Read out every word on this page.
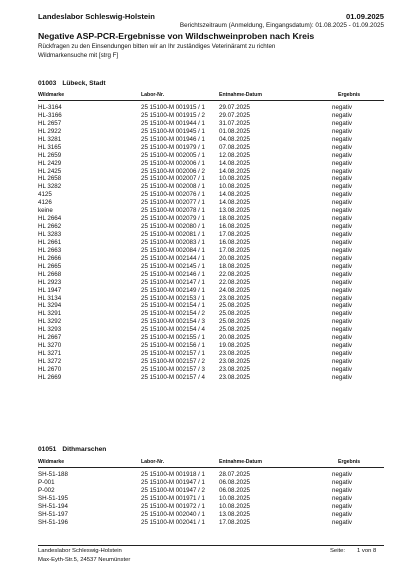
Landeslabor Schleswig-Holstein	01.09.2025
Berichtszeitraum (Anmeldung, Eingangsdatum): 01.08.2025 - 01.09.2025
Negative ASP-PCR-Ergebnisse von Wildschweinproben nach Kreis
Rückfragen zu den Einsendungen bitten wir an Ihr zuständiges Veterinäramt zu richten
Wildmarkensuche mit [strg F]
01003 Lübeck, Stadt
Wildmarke	Labor-Nr.	Entnahme-Datum	Ergebnis
HL-3164	25 15100-M 001915 / 1 29.07.2025	negativ
HL-3166	25 15100-M 001915 / 2 29.07.2025	negativ
HL 2657	25 15100-M 001944 / 1 31.07.2025	negativ
HL 2922	25 15100-M 001945 / 1 01.08.2025	negativ
HL 3281	25 15100-M 001946 / 1 04.08.2025	negativ
HL 3165	25 15100-M 001979 / 1 07.08.2025	negativ
HL 2659	25 15100-M 002005 / 1 12.08.2025	negativ
HL 2429	25 15100-M 002006 / 1 14.08.2025	negativ
HL 2425	25 15100-M 002006 / 2 14.08.2025	negativ
HL 2658	25 15100-M 002007 / 1 10.08.2025	negativ
HL 3282	25 15100-M 002008 / 1 10.08.2025	negativ
4125	25 15100-M 002076 / 1 14.08.2025	negativ
4126	25 15100-M 002077 / 1 14.08.2025	negativ
keine	25 15100-M 002078 / 1 13.08.2025	negativ
HL 2664	25 15100-M 002079 / 1 18.08.2025	negativ
HL 2662	25 15100-M 002080 / 1 16.08.2025	negativ
HL 3283	25 15100-M 002081 / 1 17.08.2025	negativ
HL 2661	25 15100-M 002083 / 1 16.08.2025	negativ
HL 2663	25 15100-M 002084 / 1 17.08.2025	negativ
HL 2666	25 15100-M 002144 / 1 20.08.2025	negativ
HL 2665	25 15100-M 002145 / 1 18.08.2025	negativ
HL 2668	25 15100-M 002146 / 1 22.08.2025	negativ
HL 2923	25 15100-M 002147 / 1 22.08.2025	negativ
HL 1947	25 15100-M 002149 / 1 24.08.2025	negativ
HL 3134	25 15100-M 002153 / 1 23.08.2025	negativ
HL 3294	25 15100-M 002154 / 1 25.08.2025	negativ
HL 3291	25 15100-M 002154 / 2 25.08.2025	negativ
HL 3292	25 15100-M 002154 / 3 25.08.2025	negativ
HL 3293	25 15100-M 002154 / 4 25.08.2025	negativ
HL 2667	25 15100-M 002155 / 1 20.08.2025	negativ
HL 3270	25 15100-M 002156 / 1 19.08.2025	negativ
HL 3271	25 15100-M 002157 / 1 23.08.2025	negativ
HL 3272	25 15100-M 002157 / 2 23.08.2025	negativ
HL 2670	25 15100-M 002157 / 3 23.08.2025	negativ
HL 2669	25 15100-M 002157 / 4 23.08.2025	negativ
01051 Dithmarschen
Wildmarke	Labor-Nr.	Entnahme-Datum	Ergebnis
SH-51-188	25 15100-M 001918 / 1 28.07.2025	negativ
P-001	25 15100-M 001947 / 1 06.08.2025	negativ
P-002	25 15100-M 001947 / 2 06.08.2025	negativ
SH-51-195	25 15100-M 001971 / 1 10.08.2025	negativ
SH-51-194	25 15100-M 001972 / 1 10.08.2025	negativ
SH-51-197	25 15100-M 002040 / 1 13.08.2025	negativ
SH-51-196	25 15100-M 002041 / 1 17.08.2025	negativ
Landeslabor Schleswig-Holstein
Max-Eyth-Str.5, 24537 Neumünster
Seite: 1 von 8
